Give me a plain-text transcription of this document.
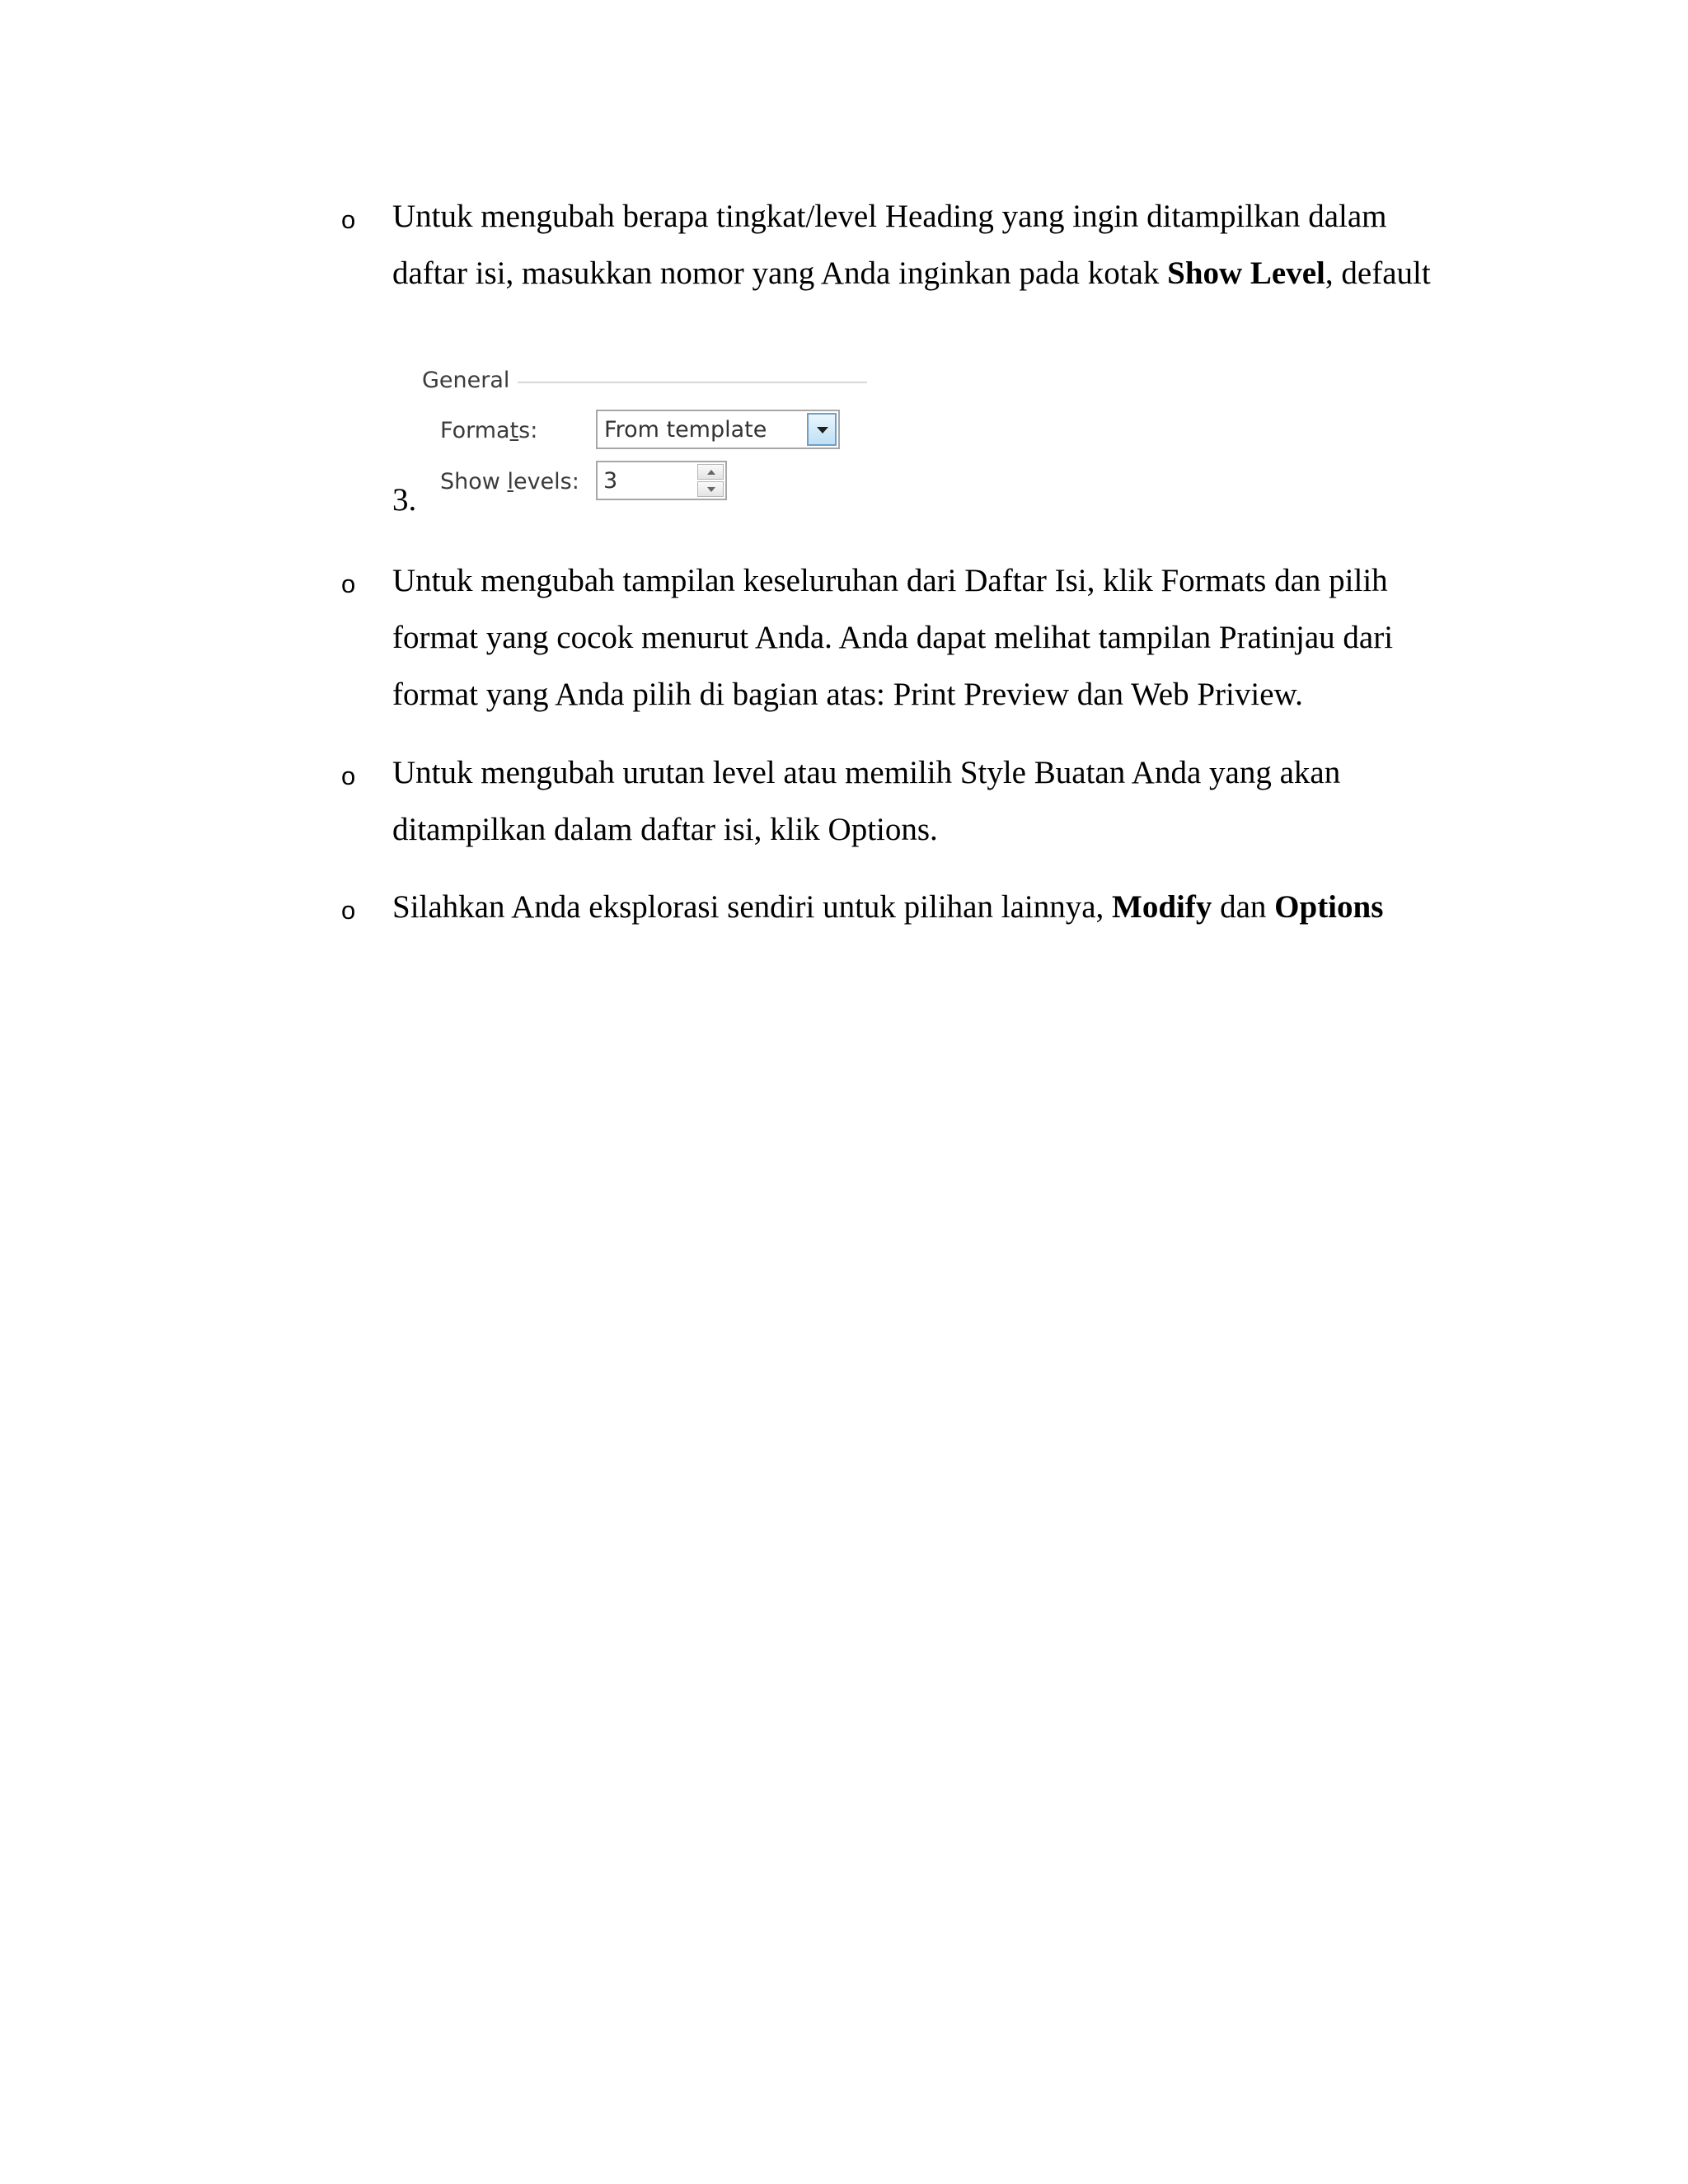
o Untuk mengubah berapa tingkat/level Heading yang ingin ditampilkan dalam
daftar isi, masukkan nomor yang Anda inginkan pada kotak Show Level, default
General
Formats:	From template
Show levels: 3
3.
o Untuk mengubah tampilan keseluruhan dari Daftar Isi, klik Formats dan pilih
format yang cocok menurut Anda. Anda dapat melihat tampilan Pratinjau dari
format yang Anda pilih di bagian atas: Print Preview dan Web Priview.
o Untuk mengubah urutan level atau memilih Style Buatan Anda yang akan
ditampilkan dalam daftar isi, klik Options.
o Silahkan Anda eksplorasi sendiri untuk pilihan lainnya, Modify dan Options
